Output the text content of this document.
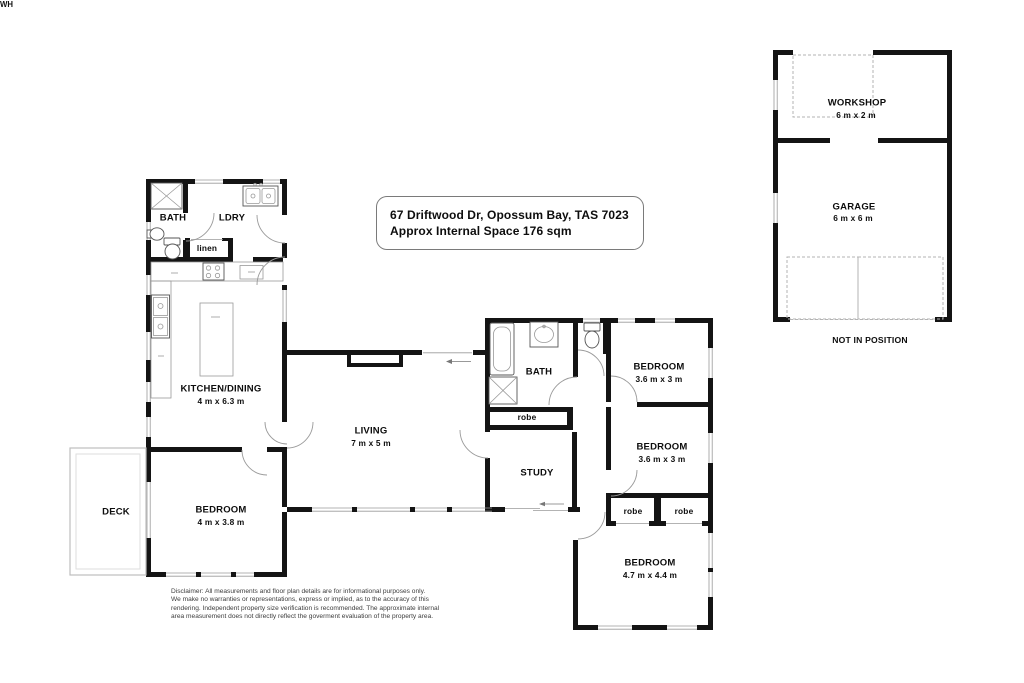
67 Driftwood Dr, Opossum Bay, TAS 7023
Approx Internal Space 176 sqm
BATH	LDRY
linen
KITCHEN/DINING
4 m x 6.3 m
LIVING
7 m x 5 m
WH
BEDROOM
4 m x 3.8 m
DECK
BATH
robe
STUDY
BEDROOM
3.6 m x 3 m
BEDROOM
3.6 m x 3 m
robe	robe
BEDROOM
4.7 m x 4.4 m
WORKSHOP
6 m x 2 m
GARAGE
6 m x 6 m
NOT IN POSITION
Disclaimer: All measurements and floor plan details are for informational purposes only.
We make no warranties or representations, express or implied, as to the accuracy of this
rendering. Independent property size verification is recommended. The approximate internal
area measurement does not directly reflect the goverment evaluation of the property area.
